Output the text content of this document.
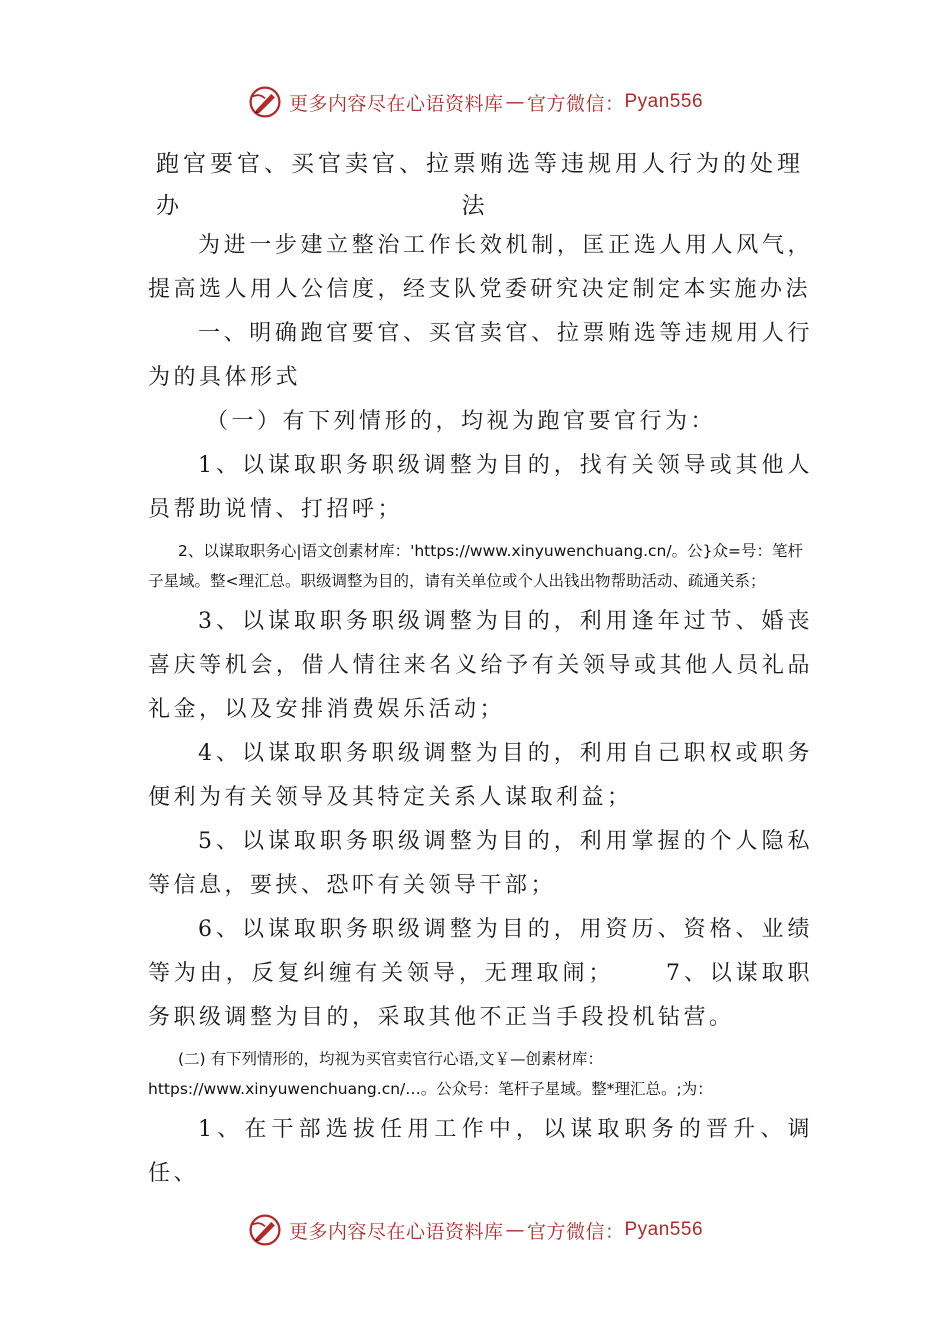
更多内容尽在心语资料库 — 官方微信： Pyan556
跑官要官、买官卖官、拉票贿选等违规用人行为的处理办	法

为进一步建立整治工作长效机制，匡正选人用人风气，提高选人用人公信度，经支队党委研究决定制定本实施办法

一、明确跑官要官、买官卖官、拉票贿选等违规用人行为的具体形式

（一）有下列情形的，均视为跑官要官行为：

1、以谋取职务职级调整为目的，找有关领导或其他人员帮助说情、打招呼；

2、以谋取职务心|语文创素材库：'https://www.xinyuwenchuang.cn/。公}众=号：笔杆子星域。整<理汇总。职级调整为目的，请有关单位或个人出钱出物帮助活动、疏通关系；

3、以谋取职务职级调整为目的，利用逢年过节、婚丧喜庆等机会，借人情往来名义给予有关领导或其他人员礼品礼金，以及安排消费娱乐活动；

4、以谋取职务职级调整为目的，利用自己职权或职务便利为有关领导及其特定关系人谋取利益；

5、以谋取职务职级调整为目的，利用掌握的个人隐私等信息，要挟、恐吓有关领导干部；

6、以谋取职务职级调整为目的，用资历、资格、业绩等为由，反复纠缠有关领导，无理取闹；　　 7、以谋取职务职级调整为目的，采取其他不正当手段投机钻营。

(二) 有下列情形的，均视为买官卖官行心语,文￥—创素材库：https://www.xinyuwenchuang.cn/…。公众号：笔杆子星域。整*理汇总。;为：

1、在干部选拔任用工作中，以谋取职务的晋升、调任、

更多内容尽在心语资料库 — 官方微信： Pyan556
